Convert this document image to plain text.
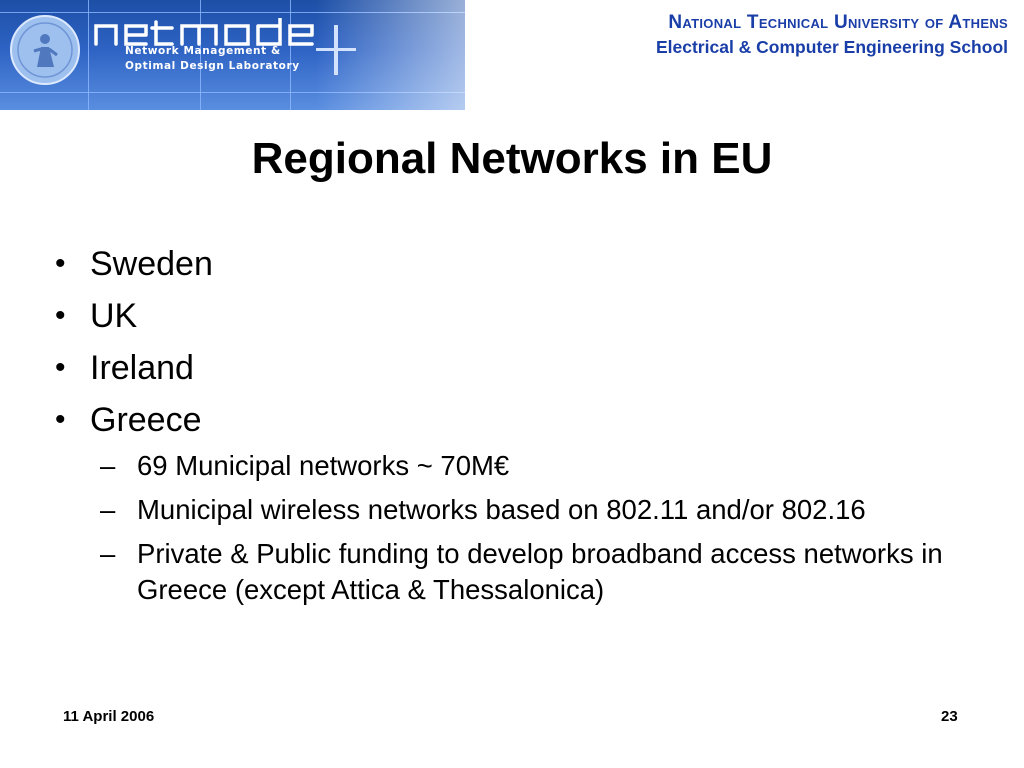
Network Management &
Optimal Design Laboratory
National Technical University of Athens
Electrical & Computer Engineering School
Regional Networks in EU
• Sweden
• UK
• Ireland
• Greece
– 69 Municipal networks ~ 70M€
– Municipal wireless networks based on 802.11 and/or 802.16
– Private & Public funding to develop broadband access networks in Greece (except Attica & Thessalonica)
11 April 2006	23
